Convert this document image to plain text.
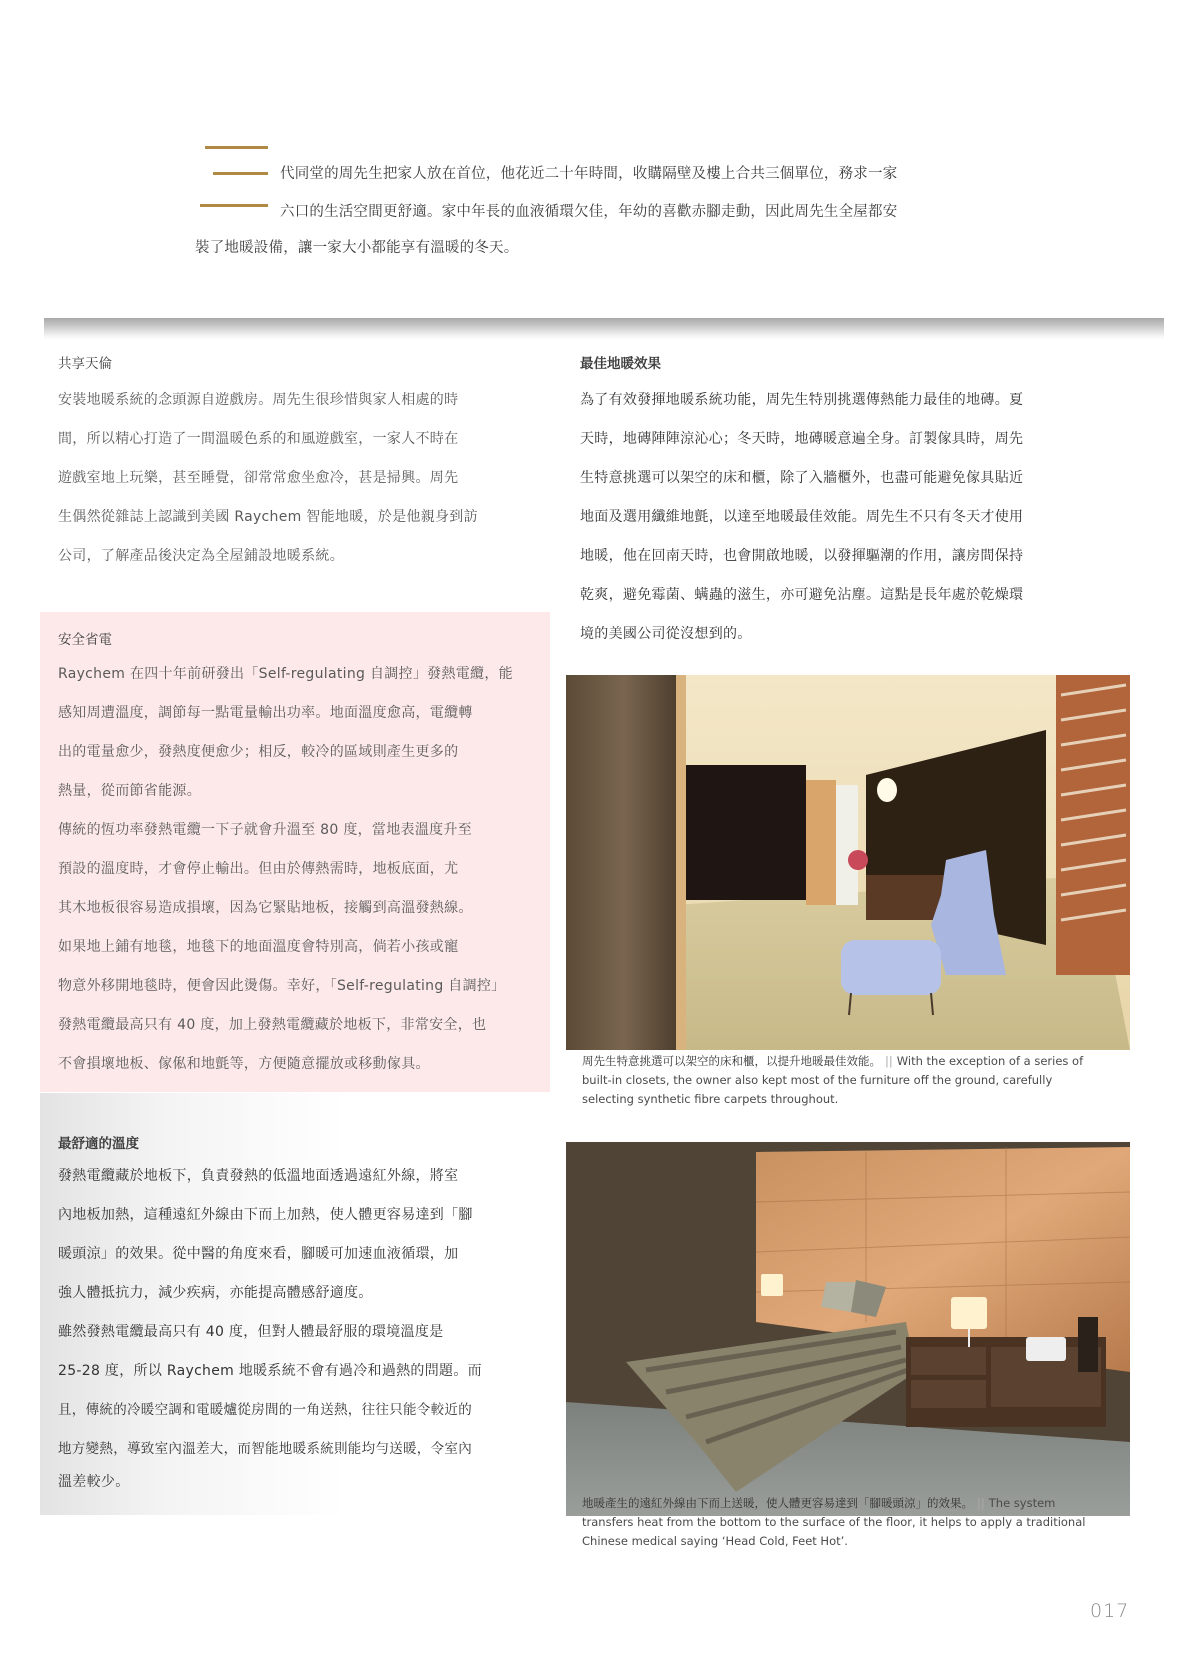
代同堂的周先生把家人放在首位，他花近二十年時間，收購隔壁及樓上合共三個單位，務求一家
六口的生活空間更舒適。家中年長的血液循環欠佳，年幼的喜歡赤腳走動，因此周先生全屋都安
裝了地暖設備，讓一家大小都能享有溫暖的冬天。
共享天倫
安裝地暖系統的念頭源自遊戲房。周先生很珍惜與家人相處的時
間，所以精心打造了一間溫暖色系的和風遊戲室，一家人不時在
遊戲室地上玩樂，甚至睡覺，卻常常愈坐愈冷，甚是掃興。周先
生偶然從雜誌上認識到美國 Raychem 智能地暖，於是他親身到訪
公司，了解產品後決定為全屋鋪設地暖系統。
安全省電
Raychem 在四十年前研發出「Self-regulating 自調控」發熱電纜，能
感知周遭溫度，調節每一點電量輸出功率。地面溫度愈高，電纜轉
出的電量愈少，發熱度便愈少；相反，較冷的區域則產生更多的
熱量，從而節省能源。
傳統的恆功率發熱電纜一下子就會升溫至 80 度，當地表溫度升至
預設的溫度時，才會停止輸出。但由於傳熱需時，地板底面，尤
其木地板很容易造成損壞，因為它緊貼地板，接觸到高溫發熱線。
如果地上鋪有地毯，地毯下的地面溫度會特別高，倘若小孩或寵
物意外移開地毯時，便會因此燙傷。幸好，「Self-regulating 自調控」
發熱電纜最高只有 40 度，加上發熱電纜藏於地板下，非常安全，也
不會損壞地板、傢俬和地氈等，方便隨意擺放或移動傢具。
最舒適的溫度
發熱電纜藏於地板下，負責發熱的低溫地面透過遠紅外線，將室
內地板加熱，這種遠紅外線由下而上加熱，使人體更容易達到「腳
暖頭涼」的效果。從中醫的角度來看，腳暖可加速血液循環，加
強人體抵抗力，減少疾病，亦能提高體感舒適度。
雖然發熱電纜最高只有 40 度，但對人體最舒服的環境溫度是
25-28 度，所以 Raychem 地暖系統不會有過冷和過熱的問題。而
且，傳統的冷暖空調和電暖爐從房間的一角送熱，往往只能令較近的
地方變熱，導致室內溫差大，而智能地暖系統則能均勻送暖，令室內
溫差較少。
最佳地暖效果
為了有效發揮地暖系統功能，周先生特別挑選傳熱能力最佳的地磚。夏
天時，地磚陣陣涼沁心；冬天時，地磚暖意遍全身。訂製傢具時，周先
生特意挑選可以架空的床和櫃，除了入牆櫃外，也盡可能避免傢具貼近
地面及選用纖維地氈，以達至地暖最佳效能。周先生不只有冬天才使用
地暖，他在回南天時，也會開啟地暖，以發揮驅潮的作用，讓房間保持
乾爽，避免霉菌、螨蟲的滋生，亦可避免沾塵。這點是長年處於乾燥環
境的美國公司從沒想到的。
周先生特意挑選可以架空的床和櫃，以提升地暖最佳效能。 || With the exception of a series of built-in closets, the owner also kept most of the furniture off the ground, carefully selecting synthetic fibre carpets throughout.
地暖產生的遠紅外線由下而上送暖，使人體更容易達到「腳暖頭涼」的效果。 || The system transfers heat from the bottom to the surface of the floor, it helps to apply a traditional Chinese medical saying ‘Head Cold, Feet Hot’.
017
